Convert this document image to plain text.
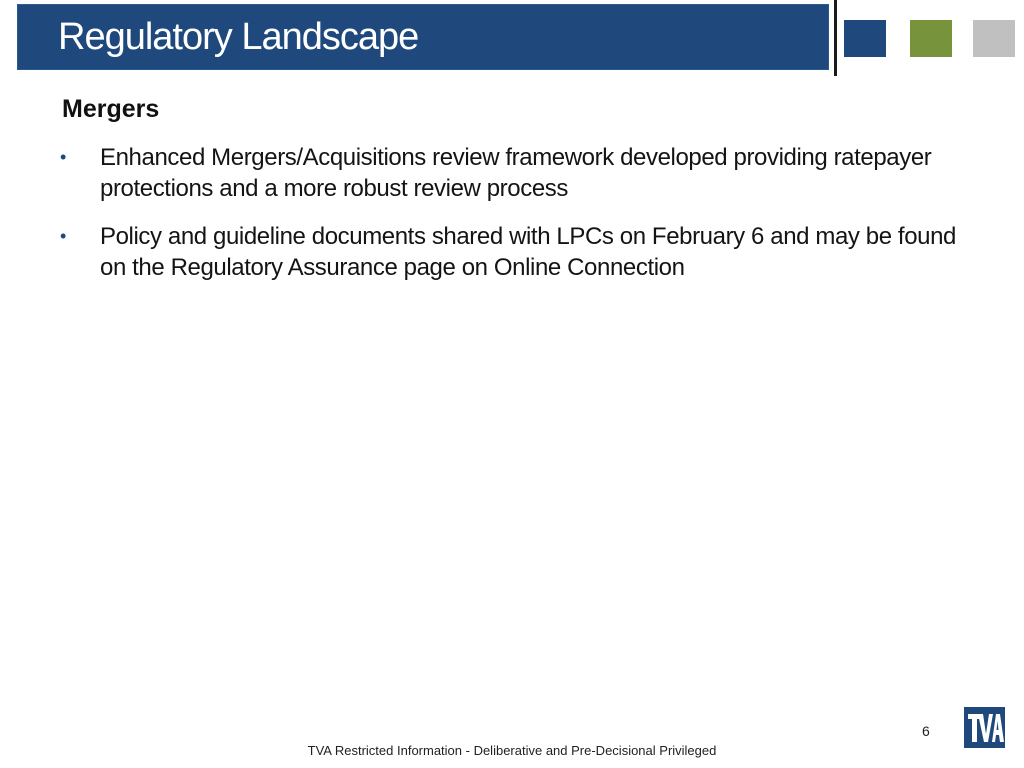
Regulatory Landscape
Mergers
• Enhanced Mergers/Acquisitions review framework developed providing ratepayer protections and a more robust review process
• Policy and guideline documents shared with LPCs on February 6 and may be found on the Regulatory Assurance page on Online Connection
6
TVA Restricted Information - Deliberative and Pre-Decisional Privileged
